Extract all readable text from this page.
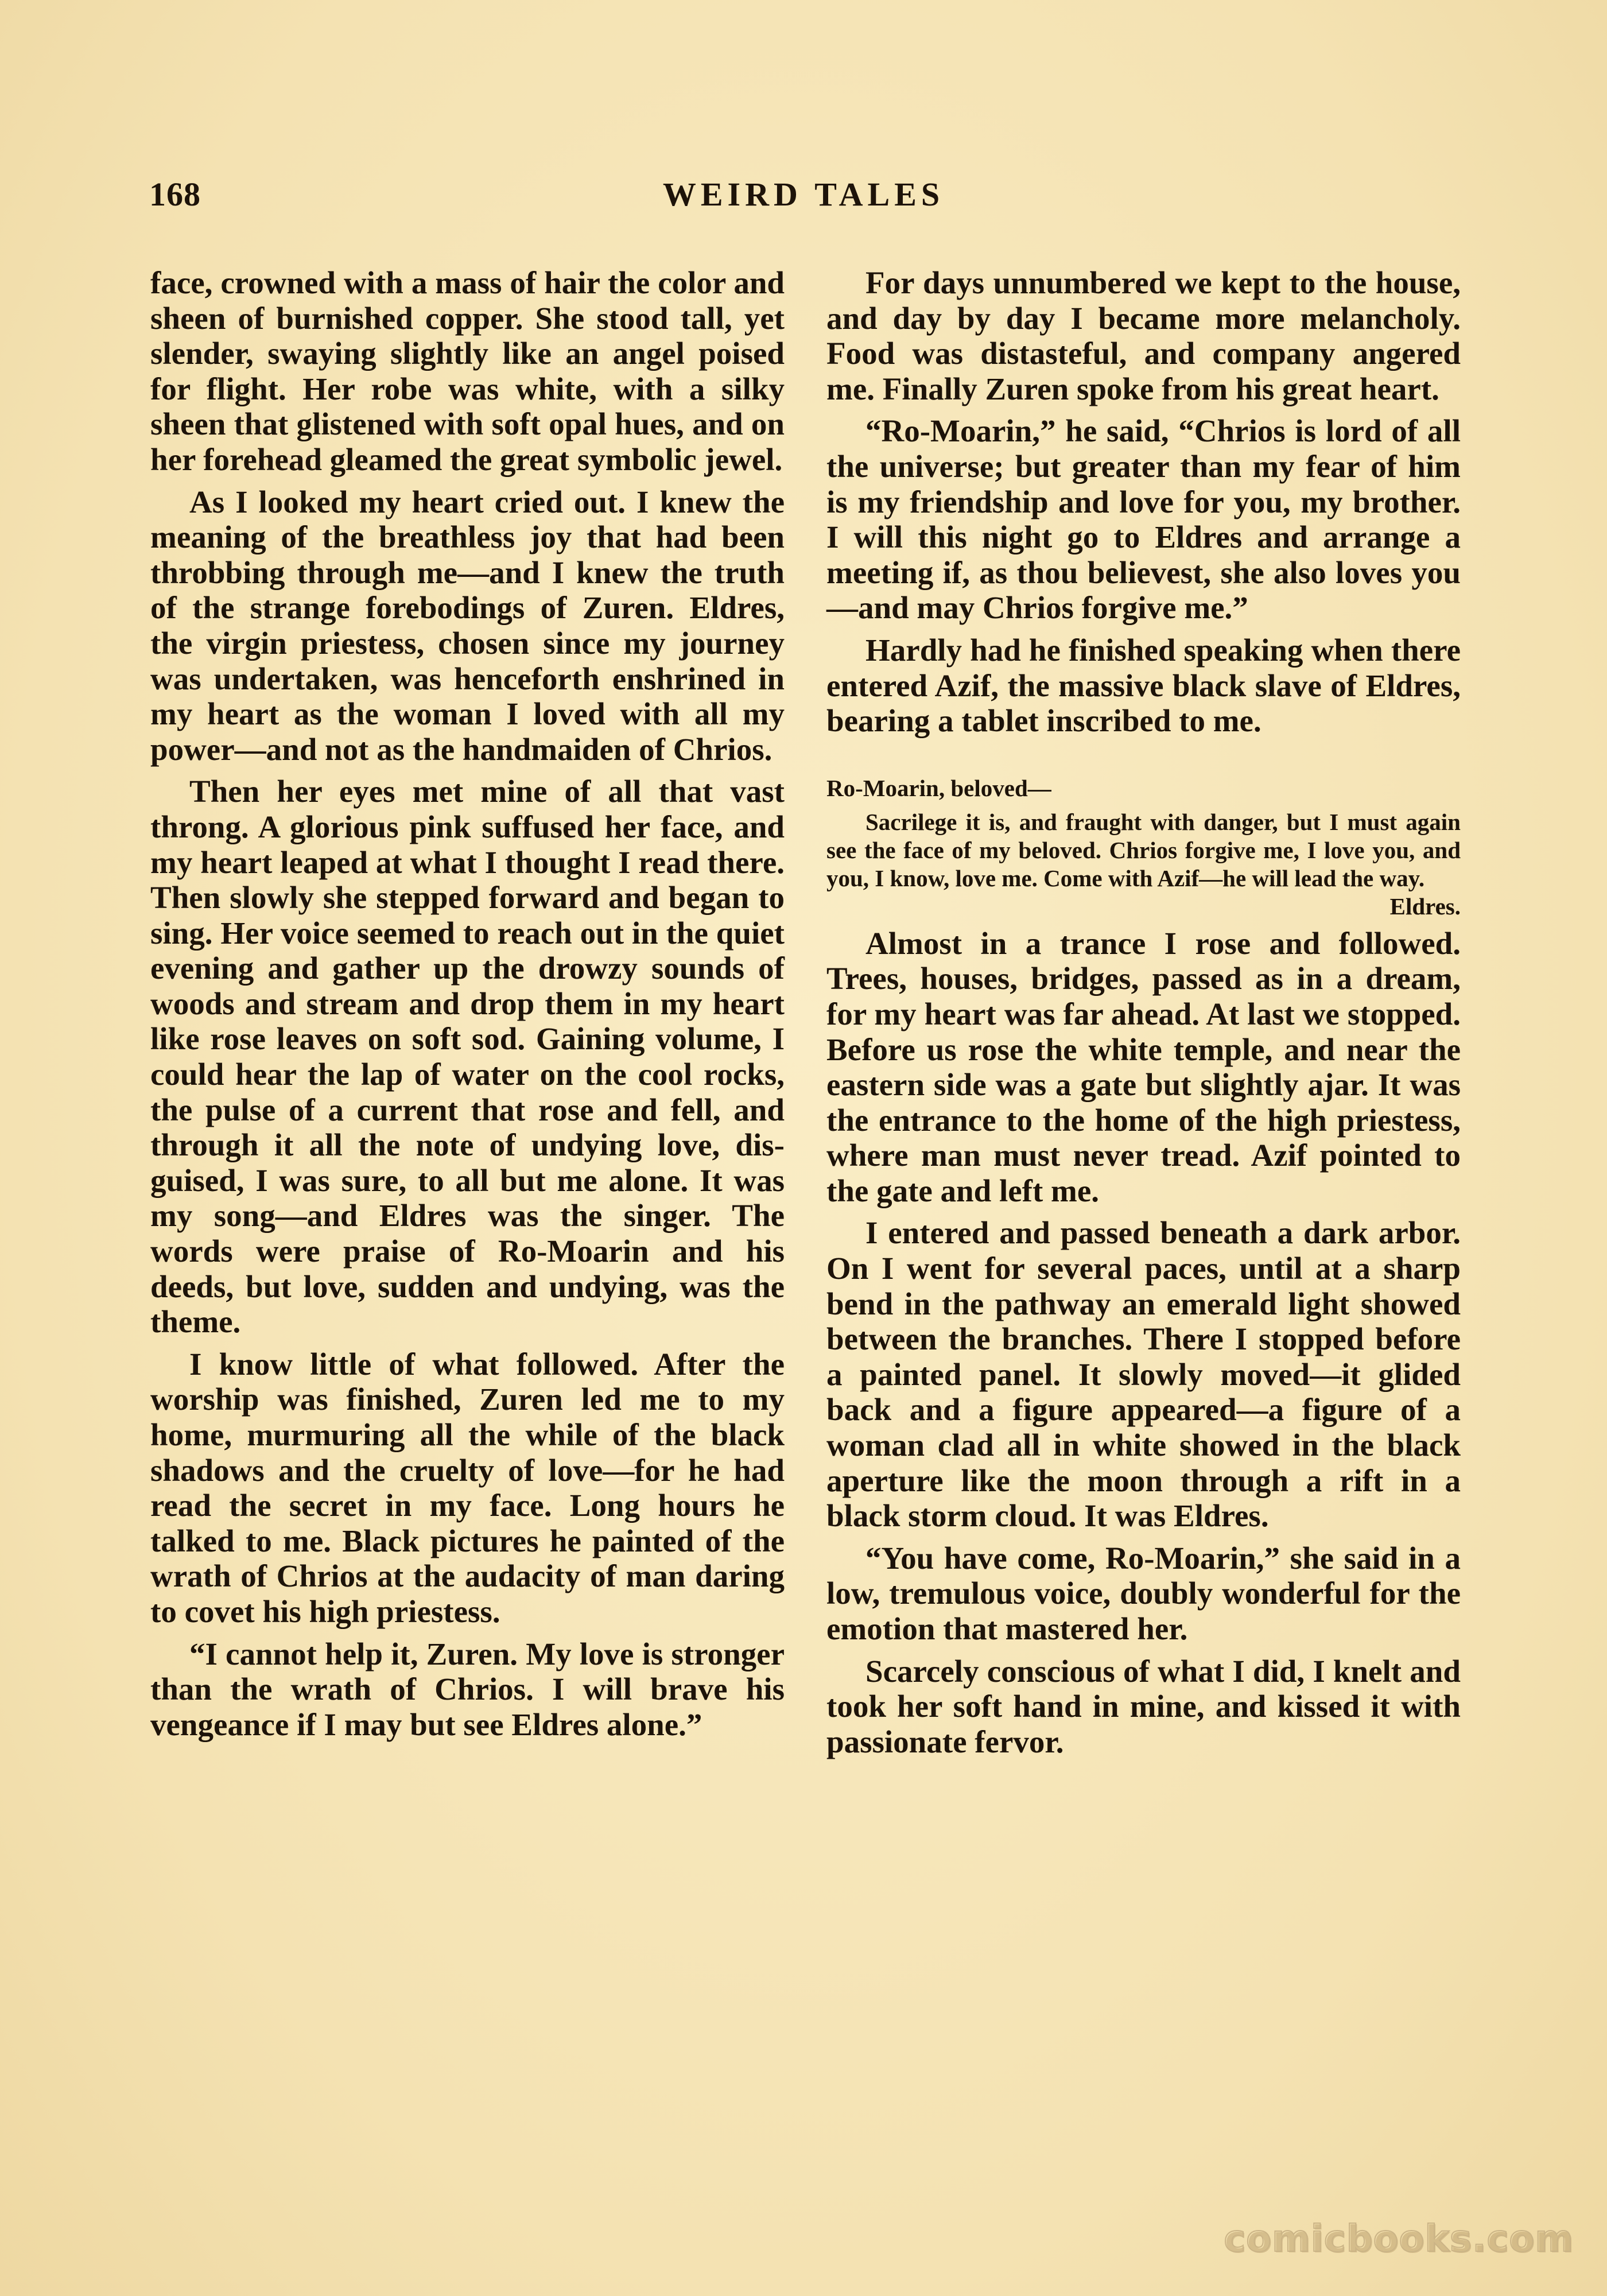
168	WEIRD TALES

face, crowned with a mass of hair the color and sheen of burnished copper. She stood tall, yet slender, swaying slightly like an angel poised for flight. Her robe was white, with a silky sheen that glistened with soft opal hues, and on her forehead gleamed the great symbolic jewel.

As I looked my heart cried out. I knew the meaning of the breathless joy that had been throbbing through me—and I knew the truth of the strange forebodings of Zuren. Eldres, the virgin priestess, chosen since my journey was undertaken, was henceforth enshrined in my heart as the woman I loved with all my power—and not as the handmaiden of Chrios.

Then her eyes met mine of all that vast throng. A glorious pink suffused her face, and my heart leaped at what I thought I read there. Then slowly she stepped forward and began to sing. Her voice seemed to reach out in the quiet evening and gather up the drowzy sounds of woods and stream and drop them in my heart like rose leaves on soft sod. Gaining volume, I could hear the lap of water on the cool rocks, the pulse of a current that rose and fell, and through it all the note of undying love, disguised, I was sure, to all but me alone. It was my song—and Eldres was the singer. The words were praise of Ro-Moarin and his deeds, but love, sudden and undying, was the theme.

I know little of what followed. After the worship was finished, Zuren led me to my home, murmuring all the while of the black shadows and the cruelty of love—for he had read the secret in my face. Long hours he talked to me. Black pictures he painted of the wrath of Chrios at the audacity of man daring to covet his high priestess.

“I cannot help it, Zuren. My love is stronger than the wrath of Chrios. I will brave his vengeance if I may but see Eldres alone.”

For days unnumbered we kept to the house, and day by day I became more melancholy. Food was distasteful, and company angered me. Finally Zuren spoke from his great heart.

“Ro-Moarin,” he said, “Chrios is lord of all the universe; but greater than my fear of him is my friendship and love for you, my brother. I will this night go to Eldres and arrange a meeting if, as thou believest, she also loves you—and may Chrios forgive me.”

Hardly had he finished speaking when there entered Azif, the massive black slave of Eldres, bearing a tablet inscribed to me.

Ro-Moarin, beloved—

Sacrilege it is, and fraught with danger, but I must again see the face of my beloved. Chrios forgive me, I love you, and you, I know, love me. Come with Azif—he will lead the way.
Eldres.

Almost in a trance I rose and followed. Trees, houses, bridges, passed as in a dream, for my heart was far ahead. At last we stopped. Before us rose the white temple, and near the eastern side was a gate but slightly ajar. It was the entrance to the home of the high priestess, where man must never tread. Azif pointed to the gate and left me.

I entered and passed beneath a dark arbor. On I went for several paces, until at a sharp bend in the pathway an emerald light showed between the branches. There I stopped before a painted panel. It slowly moved—it glided back and a figure appeared—a figure of a woman clad all in white showed in the black aperture like the moon through a rift in a black storm cloud. It was Eldres.

“You have come, Ro-Moarin,” she said in a low, tremulous voice, doubly wonderful for the emotion that mastered her.

Scarcely conscious of what I did, I knelt and took her soft hand in mine, and kissed it with passionate fervor.

comicbooks.com
